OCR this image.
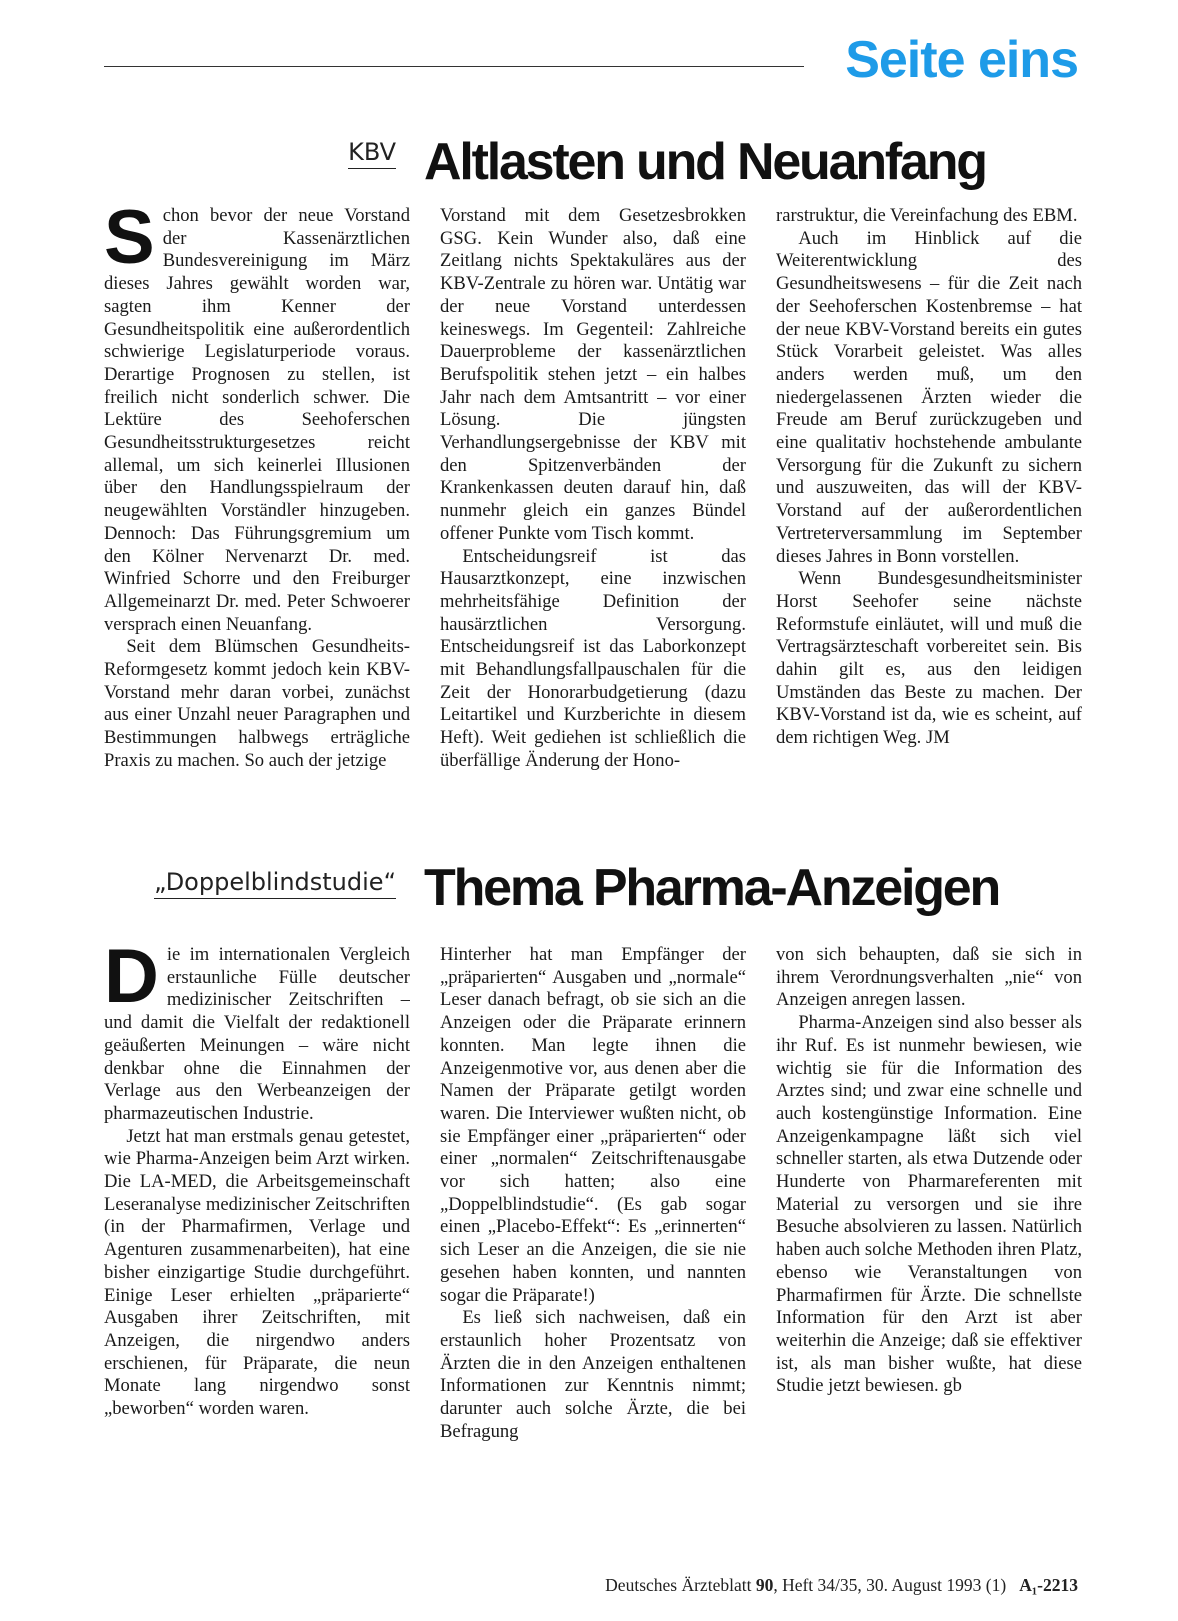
Seite eins
KBV Altlasten und Neuanfang

Schon bevor der neue Vorstand der Kassenärztlichen Bundesvereinigung im März dieses Jahres gewählt worden war, sagten ihm Kenner der Gesundheitspolitik eine außerordentlich schwierige Legislaturperiode voraus. Derartige Prognosen zu stellen, ist freilich nicht sonderlich schwer. Die Lektüre des Seehoferschen Gesundheitsstrukturgesetzes reicht allemal, um sich keinerlei Illusionen über den Handlungsspielraum der neugewählten Vorständler hinzugeben. Dennoch: Das Führungsgremium um den Kölner Nervenarzt Dr. med. Winfried Schorre und den Freiburger Allgemeinarzt Dr. med. Peter Schwoerer versprach einen Neuanfang.

Seit dem Blümschen Gesundheits-Reformgesetz kommt jedoch kein KBV-Vorstand mehr daran vorbei, zunächst aus einer Unzahl neuer Paragraphen und Bestimmungen halbwegs erträgliche Praxis zu machen. So auch der jetzige

Vorstand mit dem Gesetzesbrokken GSG. Kein Wunder also, daß eine Zeitlang nichts Spektakuläres aus der KBV-Zentrale zu hören war. Untätig war der neue Vorstand unterdessen keineswegs. Im Gegenteil: Zahlreiche Dauerprobleme der kassenärztlichen Berufspolitik stehen jetzt – ein halbes Jahr nach dem Amtsantritt – vor einer Lösung. Die jüngsten Verhandlungsergebnisse der KBV mit den Spitzenverbänden der Krankenkassen deuten darauf hin, daß nunmehr gleich ein ganzes Bündel offener Punkte vom Tisch kommt.

Entscheidungsreif ist das Hausarztkonzept, eine inzwischen mehrheitsfähige Definition der hausärztlichen Versorgung. Entscheidungsreif ist das Laborkonzept mit Behandlungsfallpauschalen für die Zeit der Honorarbudgetierung (dazu Leitartikel und Kurzberichte in diesem Heft). Weit gediehen ist schließlich die überfällige Änderung der Hono-

rarstruktur, die Vereinfachung des EBM.

Auch im Hinblick auf die Weiterentwicklung des Gesundheitswesens – für die Zeit nach der Seehoferschen Kostenbremse – hat der neue KBV-Vorstand bereits ein gutes Stück Vorarbeit geleistet. Was alles anders werden muß, um den niedergelassenen Ärzten wieder die Freude am Beruf zurückzugeben und eine qualitativ hochstehende ambulante Versorgung für die Zukunft zu sichern und auszuweiten, das will der KBV-Vorstand auf der außerordentlichen Vertreterversammlung im September dieses Jahres in Bonn vorstellen.

Wenn Bundesgesundheitsminister Horst Seehofer seine nächste Reformstufe einläutet, will und muß die Vertragsärzteschaft vorbereitet sein. Bis dahin gilt es, aus den leidigen Umständen das Beste zu machen. Der KBV-Vorstand ist da, wie es scheint, auf dem richtigen Weg. JM

„Doppelblindstudie“ Thema Pharma-Anzeigen

Die im internationalen Vergleich erstaunliche Fülle deutscher medizinischer Zeitschriften – und damit die Vielfalt der redaktionell geäußerten Meinungen – wäre nicht denkbar ohne die Einnahmen der Verlage aus den Werbeanzeigen der pharmazeutischen Industrie.

Jetzt hat man erstmals genau getestet, wie Pharma-Anzeigen beim Arzt wirken. Die LA-MED, die Arbeitsgemeinschaft Leseranalyse medizinischer Zeitschriften (in der Pharmafirmen, Verlage und Agenturen zusammenarbeiten), hat eine bisher einzigartige Studie durchgeführt. Einige Leser erhielten „präparierte“ Ausgaben ihrer Zeitschriften, mit Anzeigen, die nirgendwo anders erschienen, für Präparate, die neun Monate lang nirgendwo sonst „beworben“ worden waren.

Hinterher hat man Empfänger der „präparierten“ Ausgaben und „normale“ Leser danach befragt, ob sie sich an die Anzeigen oder die Präparate erinnern konnten. Man legte ihnen die Anzeigenmotive vor, aus denen aber die Namen der Präparate getilgt worden waren. Die Interviewer wußten nicht, ob sie Empfänger einer „präparierten“ oder einer „normalen“ Zeitschriftenausgabe vor sich hatten; also eine „Doppelblindstudie“. (Es gab sogar einen „Placebo-Effekt“: Es „erinnerten“ sich Leser an die Anzeigen, die sie nie gesehen haben konnten, und nannten sogar die Präparate!)

Es ließ sich nachweisen, daß ein erstaunlich hoher Prozentsatz von Ärzten die in den Anzeigen enthaltenen Informationen zur Kenntnis nimmt; darunter auch solche Ärzte, die bei Befragung

von sich behaupten, daß sie sich in ihrem Verordnungsverhalten „nie“ von Anzeigen anregen lassen.

Pharma-Anzeigen sind also besser als ihr Ruf. Es ist nunmehr bewiesen, wie wichtig sie für die Information des Arztes sind; und zwar eine schnelle und auch kostengünstige Information. Eine Anzeigenkampagne läßt sich viel schneller starten, als etwa Dutzende oder Hunderte von Pharmareferenten mit Material zu versorgen und sie ihre Besuche absolvieren zu lassen. Natürlich haben auch solche Methoden ihren Platz, ebenso wie Veranstaltungen von Pharmafirmen für Ärzte. Die schnellste Information für den Arzt ist aber weiterhin die Anzeige; daß sie effektiver ist, als man bisher wußte, hat diese Studie jetzt bewiesen. gb

Deutsches Ärzteblatt 90, Heft 34/35, 30. August 1993 (1) A₁-2213
